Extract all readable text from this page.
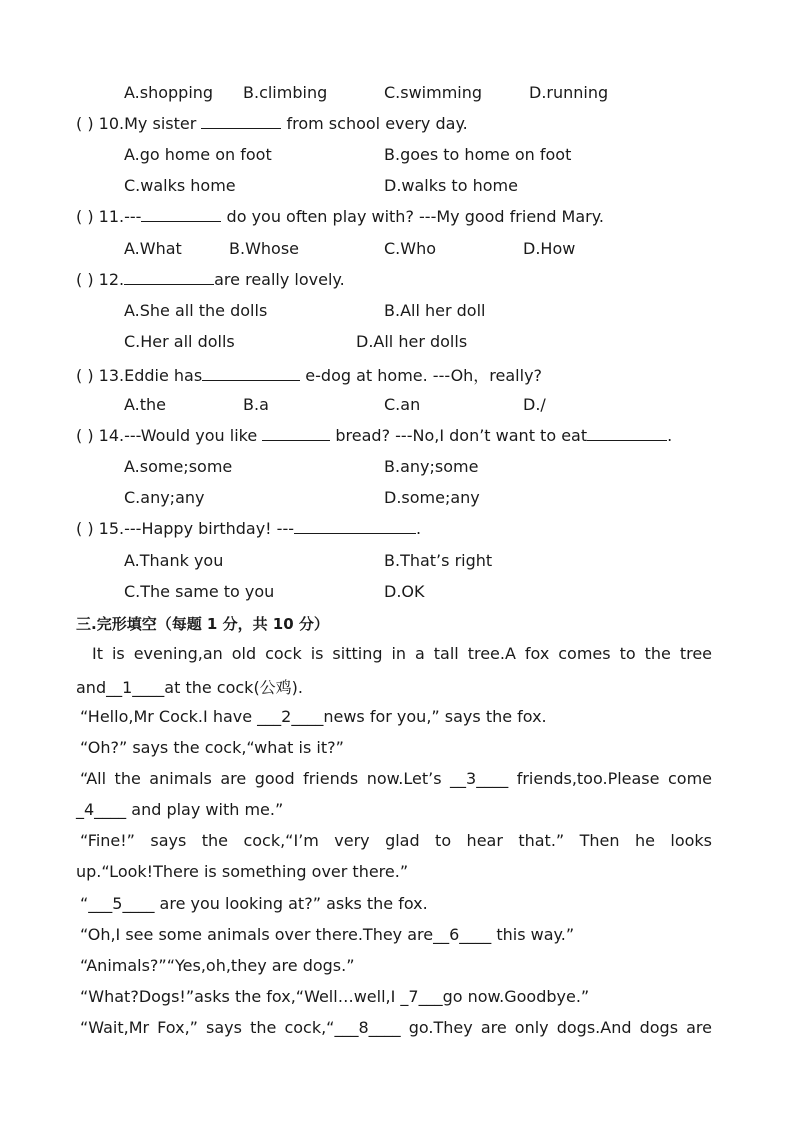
A.shopping B.climbing	C.swimming	D.running
( ) 10.My sister	from school every day.
A.go home on foot	B.goes to home on foot
C.walks home	D.walks to home
( ) 11.---	do you often play with? ---My good friend Mary.
A.What	B.Whose	C.Who	D.How
( ) 12.	are really lovely.
A.She all the dolls	B.All her doll
C.Her all dolls	D.All her dolls
( ) 13.Eddie has	e-dog at home. ---Oh，really?
A.the	B.a	C.an	D./
( ) 14.---Would you like	bread? ---No,I don’t want to eat	.
A.some;some	B.any;some
C.any;any	D.some;any
( ) 15.---Happy birthday! ---	.
A.Thank you	B.That’s right
C.The same to you	D.OK
三.完形填空（每题 1 分，共 10 分）
It is evening,an old cock is sitting in a tall tree.A fox comes to the tree
and__1____at the cock(公鸡).
“Hello,Mr Cock.I have ___2____news for you,” says the fox.
“Oh?” says the cock,“what is it?”
“All the animals are good friends now.Let’s __3____ friends,too.Please come
_4____ and play with me.”
“Fine!” says the cock,“I’m very glad to hear that.” Then he looks
up.“Look!There is something over there.”
“___5____ are you looking at?” asks the fox.
“Oh,I see some animals over there.They are__6____ this way.”
“Animals?”“Yes,oh,they are dogs.”
“What?Dogs!”asks the fox,“Well…well,I _7___go now.Goodbye.”
“Wait,Mr Fox,” says the cock,“___8____ go.They are only dogs.And dogs are
